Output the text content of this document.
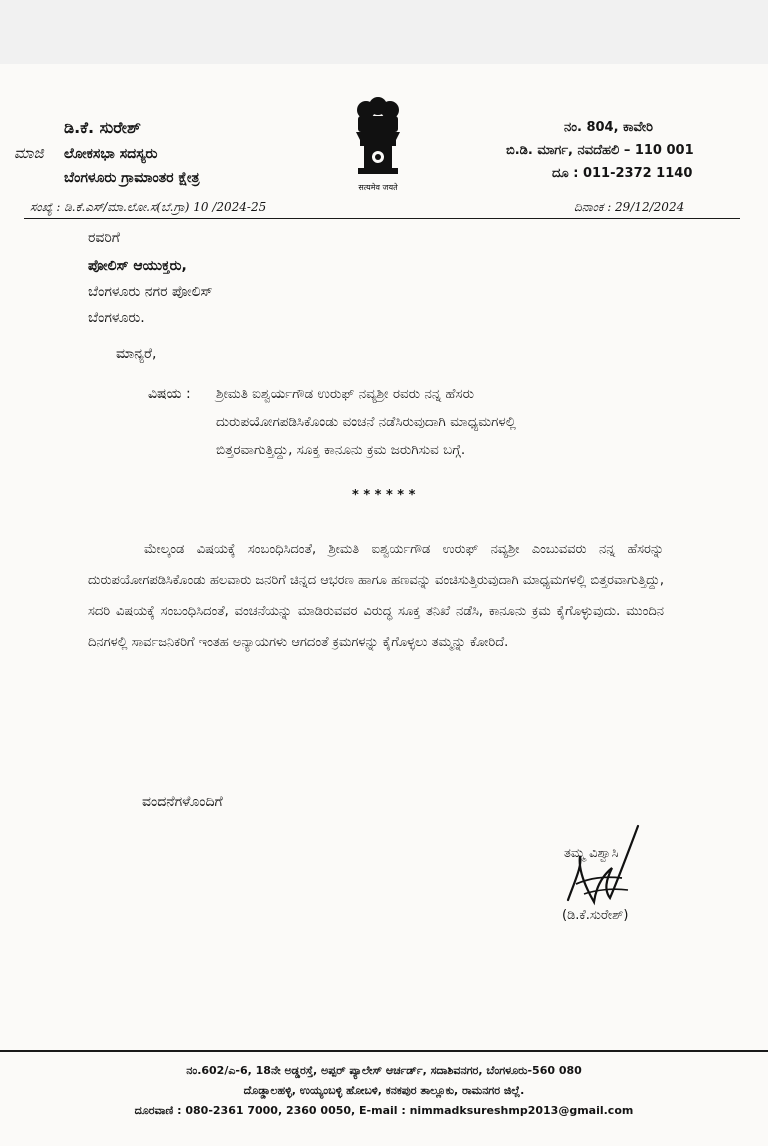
ಡಿ.ಕೆ. ಸುರೇಶ್
ಮಾಜಿ ಲೋಕಸಭಾ ಸದಸ್ಯರು
ಬೆಂಗಳೂರು ಗ್ರಾಮಾಂತರ ಕ್ಷೇತ್ರ
सत्यमेव जयते
ನಂ. 804, ಕಾವೇರಿ
ಬಿ.ಡಿ. ಮಾರ್ಗ, ನವದೆಹಲಿ – 110 001
ದೂ : 011-2372 1140
ಸಂಖ್ಯೆ : ಡಿ.ಕೆ.ಎಸ್/ಮಾ.ಲೋ.ಸ(ಬೆ.ಗ್ರಾ) 10 /2024-25	ದಿನಾಂಕ : 29/12/2024
ರವರಿಗೆ
ಪೋಲಿಸ್ ಆಯುಕ್ತರು,
ಬೆಂಗಳೂರು ನಗರ ಪೋಲಿಸ್
ಬೆಂಗಳೂರು.
ಮಾನ್ಯರೆ,
ವಿಷಯ : ಶ್ರೀಮತಿ ಐಶ್ವರ್ಯಗೌಡ ಉರುಫ್ ನವ್ಯಶ್ರೀ ರವರು ನನ್ನ ಹೆಸರು
ದುರುಪಯೋಗಪಡಿಸಿಕೊಂಡು ವಂಚನೆ ನಡೆಸಿರುವುದಾಗಿ ಮಾಧ್ಯಮಗಳಲ್ಲಿ
ಬಿತ್ತರವಾಗುತ್ತಿದ್ದು, ಸೂಕ್ತ ಕಾನೂನು ಕ್ರಮ ಜರುಗಿಸುವ ಬಗ್ಗೆ.
* * * * * *
ಮೇಲ್ಕಂಡ ವಿಷಯಕ್ಕೆ ಸಂಬಂಧಿಸಿದಂತೆ, ಶ್ರೀಮತಿ ಐಶ್ವರ್ಯಗೌಡ ಉರುಫ್ ನವ್ಯಶ್ರೀ ಎಂಬುವವರು ನನ್ನ ಹೆಸರನ್ನು ದುರುಪಯೋಗಪಡಿಸಿಕೊಂಡು ಹಲವಾರು ಜನರಿಗೆ ಚಿನ್ನದ ಆಭರಣ ಹಾಗೂ ಹಣವನ್ನು ವಂಚಿಸುತ್ತಿರುವುದಾಗಿ ಮಾಧ್ಯಮಗಳಲ್ಲಿ ಬಿತ್ತರವಾಗುತ್ತಿದ್ದು, ಸದರಿ ವಿಷಯಕ್ಕೆ ಸಂಬಂಧಿಸಿದಂತೆ, ವಂಚನೆಯನ್ನು ಮಾಡಿರುವವರ ವಿರುದ್ಧ ಸೂಕ್ತ ತನಿಖೆ ನಡೆಸಿ, ಕಾನೂನು ಕ್ರಮ ಕೈಗೊಳ್ಳುವುದು. ಮುಂದಿನ ದಿನಗಳಲ್ಲಿ ಸಾರ್ವಜನಿಕರಿಗೆ ಇಂತಹ ಅನ್ಯಾಯಗಳು ಆಗದಂತೆ ಕ್ರಮಗಳನ್ನು ಕೈಗೊಳ್ಳಲು ತಮ್ಮನ್ನು ಕೋರಿದೆ.
ವಂದನೆಗಳೊಂದಿಗೆ
ತಮ್ಮ ವಿಶ್ವಾಸಿ
(ಡಿ.ಕೆ.ಸುರೇಶ್)
ನಂ.602/ಎ-6, 18ನೇ ಅಡ್ಡರಸ್ತೆ, ಅಪ್ಪರ್ ಪ್ಯಾಲೇಸ್ ಆರ್ಚರ್ಡ್, ಸದಾಶಿವನಗರ, ಬೆಂಗಳೂರು-560 080
ದೊಡ್ಡಾಲಹಳ್ಳಿ, ಉಯ್ಯಂಬಳ್ಳಿ ಹೋಬಳಿ, ಕನಕಪುರ ತಾಲ್ಲೂಕು, ರಾಮನಗರ ಜಿಲ್ಲೆ.
ದೂರವಾಣಿ : 080-2361 7000, 2360 0050, E-mail : nimmadksureshmp2013@gmail.com
